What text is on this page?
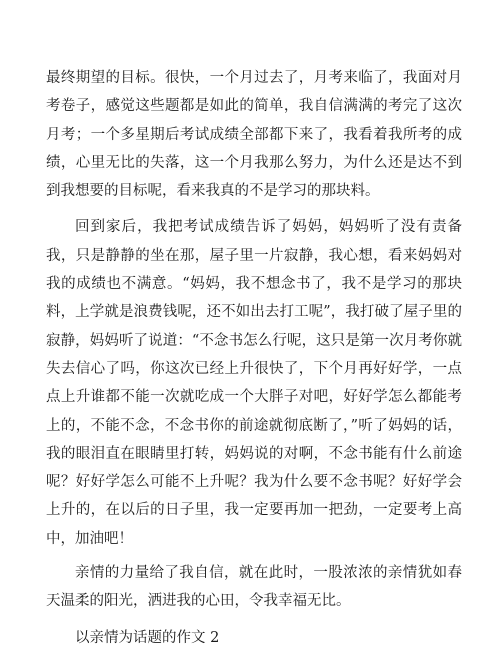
最终期望的目标。很快，一个月过去了，月考来临了，我面对月考卷子，感觉这些题都是如此的简单，我自信满满的考完了这次月考；一个多星期后考试成绩全部都下来了，我看着我所考的成绩，心里无比的失落，这一个月我那么努力，为什么还是达不到到我想要的目标呢，看来我真的不是学习的那块料。

回到家后，我把考试成绩告诉了妈妈，妈妈听了没有责备我，只是静静的坐在那，屋子里一片寂静，我心想，看来妈妈对我的成绩也不满意。“妈妈，我不想念书了，我不是学习的那块料，上学就是浪费钱呢，还不如出去打工呢”，我打破了屋子里的寂静，妈妈听了说道：“不念书怎么行呢，这只是第一次月考你就失去信心了吗，你这次已经上升很快了，下个月再好好学，一点点上升谁都不能一次就吃成一个大胖子对吧，好好学怎么都能考上的，不能不念，不念书你的前途就彻底断了，”听了妈妈的话，我的眼泪直在眼睛里打转，妈妈说的对啊，不念书能有什么前途呢？好好学怎么可能不上升呢？我为什么要不念书呢？好好学会上升的，在以后的日子里，我一定要再加一把劲，一定要考上高中，加油吧！

亲情的力量给了我自信，就在此时，一股浓浓的亲情犹如春天温柔的阳光，洒进我的心田，令我幸福无比。

以亲情为话题的作文 2
